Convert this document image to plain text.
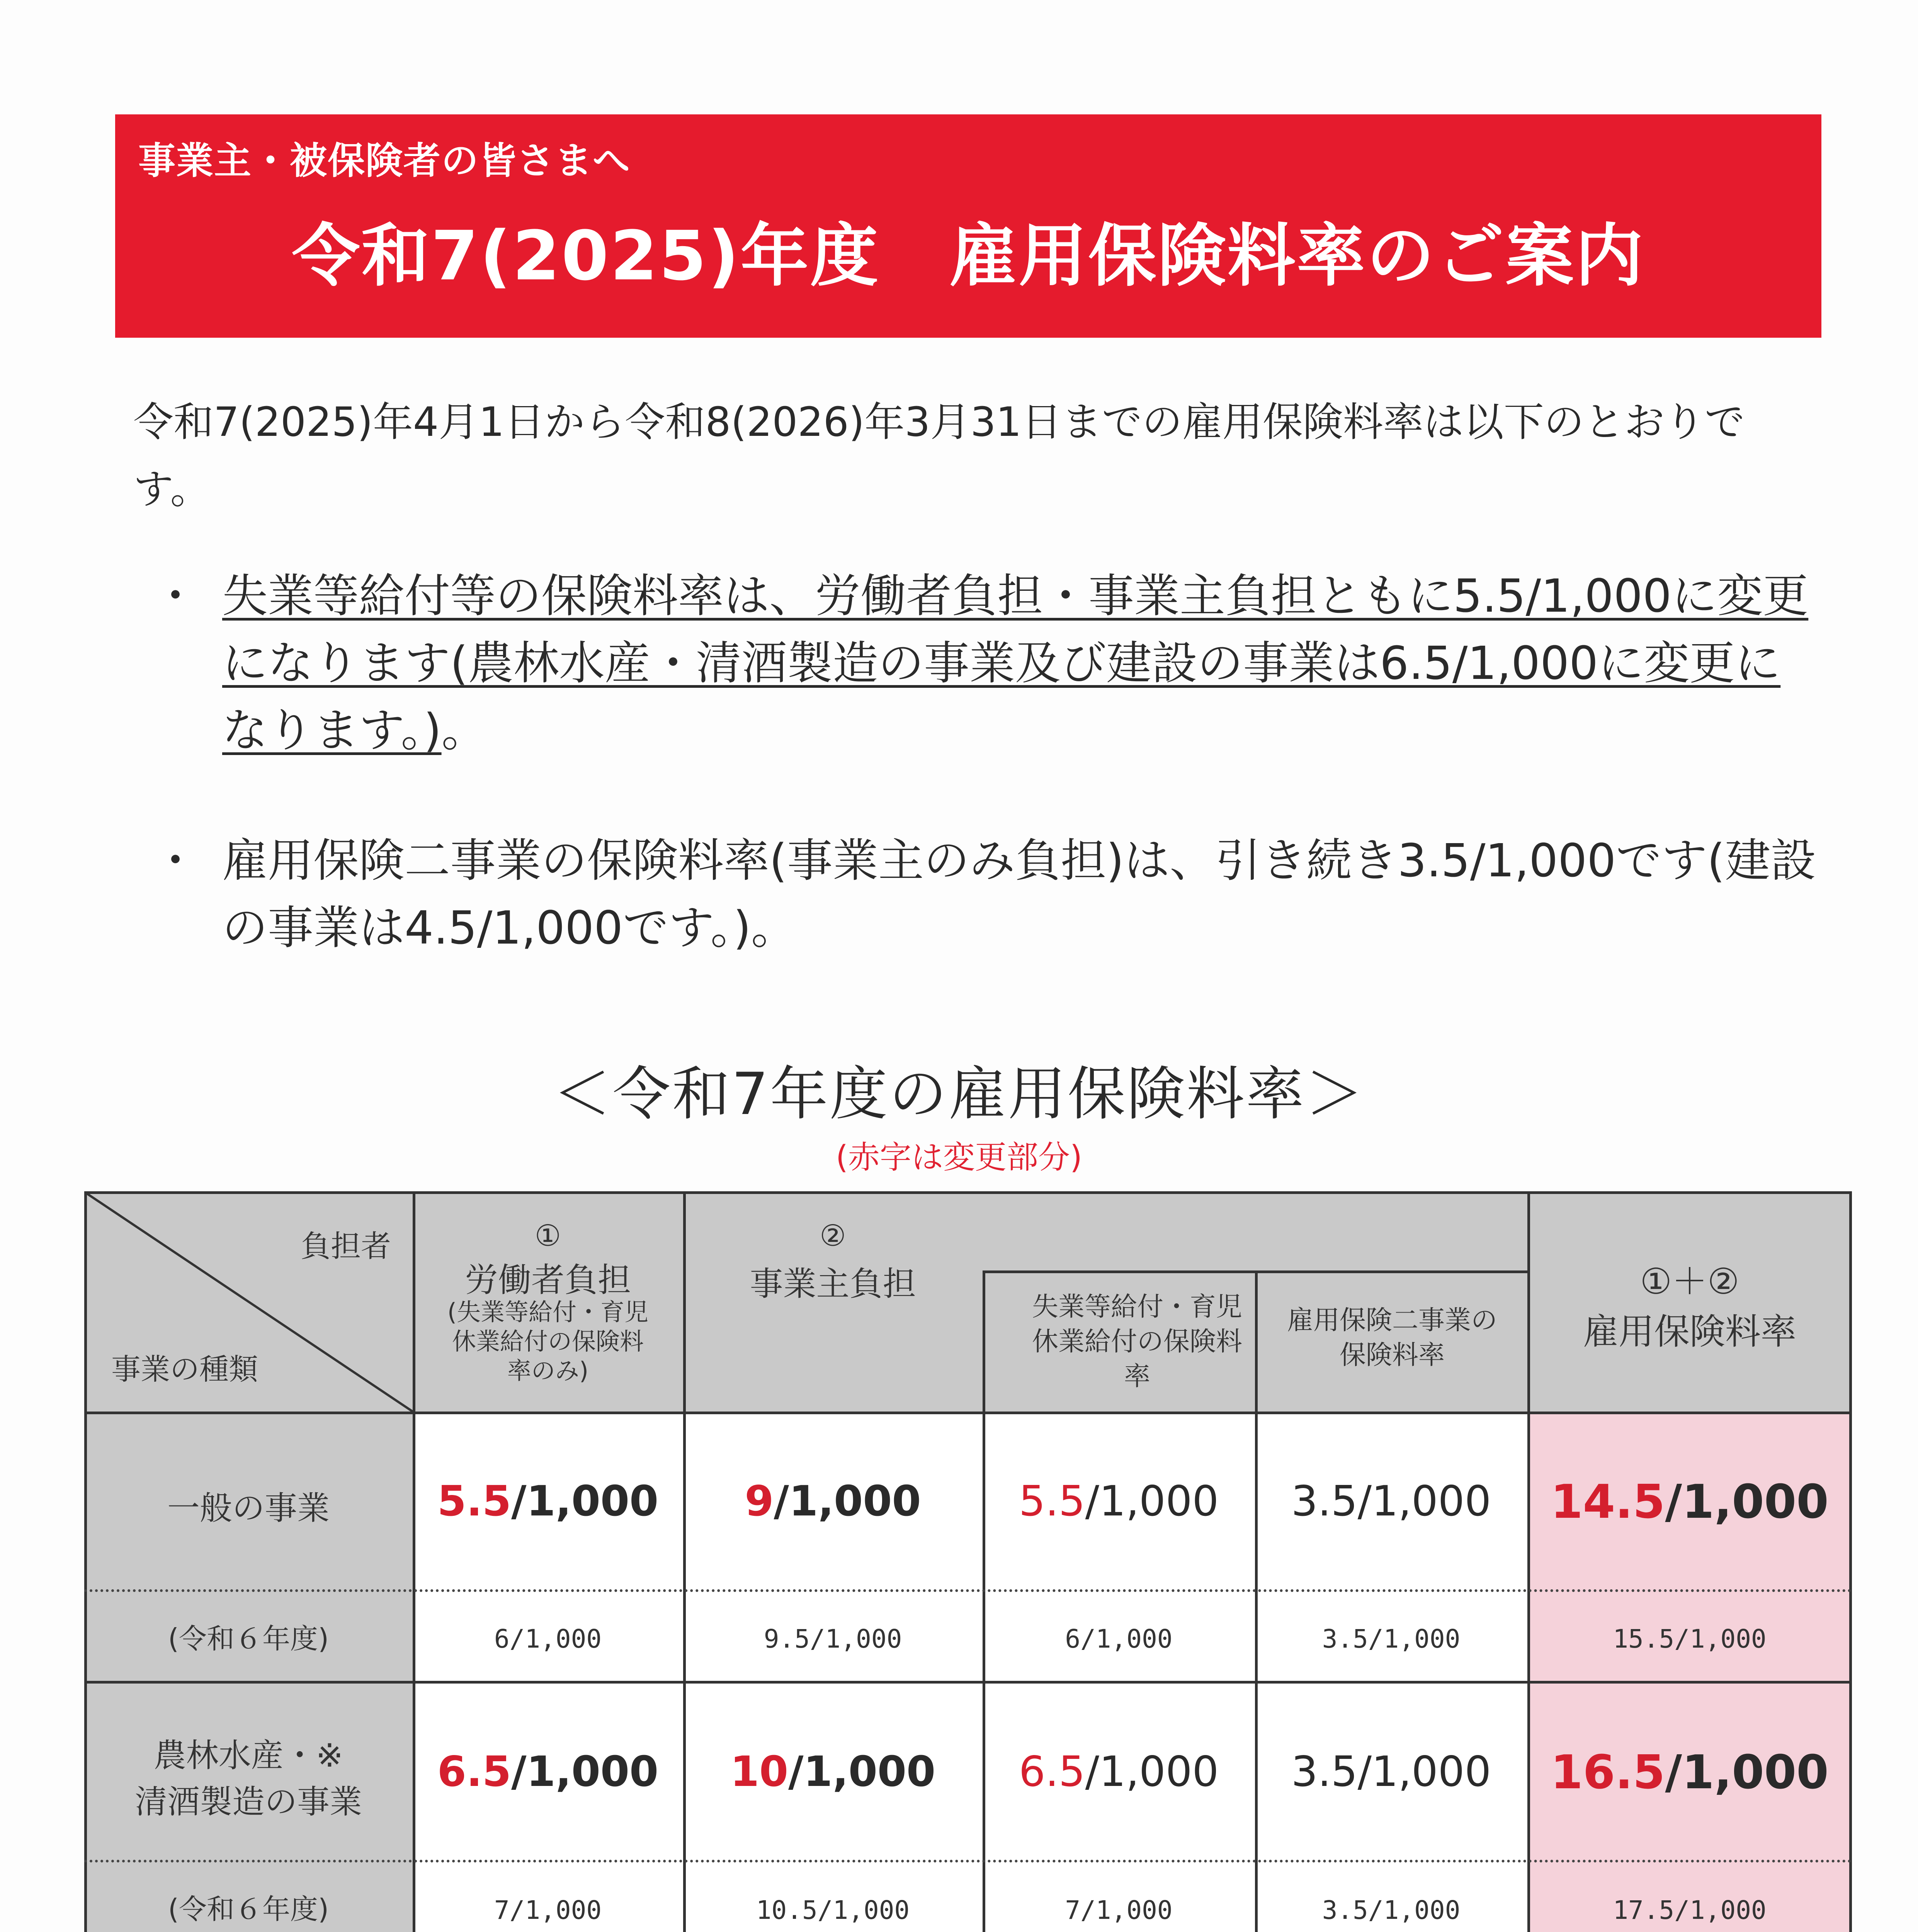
事業主・被保険者の皆さまへ
令和7(2025)年度　雇用保険料率のご案内
令和7(2025)年4月1日から令和8(2026)年3月31日までの雇用保険料率は以下のとおりです。
・ 失業等給付等の保険料率は、労働者負担・事業主負担ともに5.5/1,000に変更になります(農林水産・清酒製造の事業及び建設の事業は6.5/1,000に変更になります。)。
・ 雇用保険二事業の保険料率(事業主のみ負担)は、引き続き3.5/1,000です(建設の事業は4.5/1,000です。)。
＜令和7年度の雇用保険料率＞
(赤字は変更部分)
負担者
事業の種類
①
労働者負担
(失業等給付・育児休業給付の保険料率のみ)
②
事業主負担
失業等給付・育児休業給付の保険料率
雇用保険二事業の保険料率
①＋②
雇用保険料率
一般の事業	5.5/1,000	9/1,000	5.5/1,000	3.5/1,000	14.5/1,000
(令和６年度)	6/1,000	9.5/1,000	6/1,000	3.5/1,000	15.5/1,000
農林水産・※
清酒製造の事業
6.5/1,000	10/1,000	6.5/1,000	3.5/1,000	16.5/1,000
(令和６年度)	7/1,000	10.5/1,000	7/1,000	3.5/1,000	17.5/1,000
